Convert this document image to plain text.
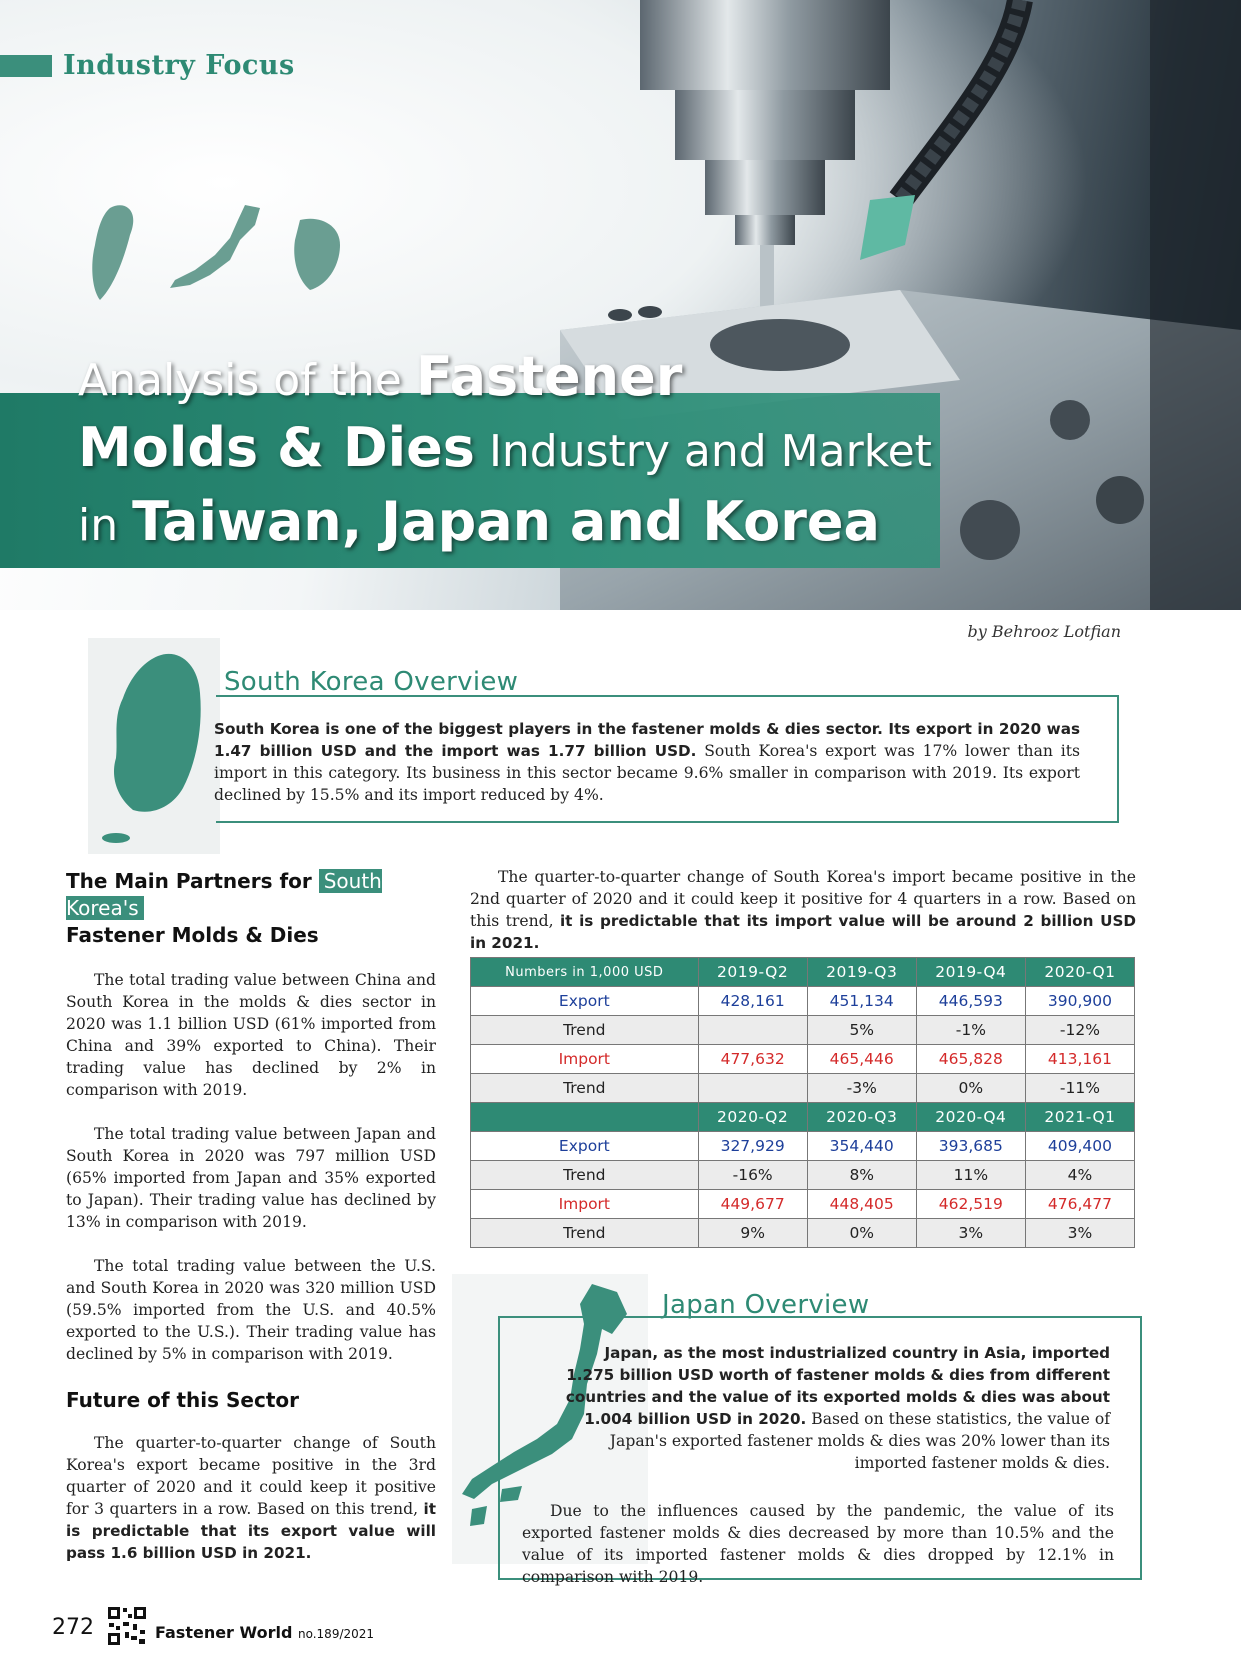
Industry Focus
Analysis of the Fastener
Molds & Dies Industry and Market
in Taiwan, Japan and Korea
by Behrooz Lotfian
South Korea Overview
South Korea is one of the biggest players in the fastener molds & dies sector. Its export in 2020 was 1.47 billion USD and the import was 1.77 billion USD. South Korea's export was 17% lower than its import in this category. Its business in this sector became 9.6% smaller in comparison with 2019. Its export declined by 15.5% and its import reduced by 4%.
The Main Partners for South Korea's
Fastener Molds & Dies

The total trading value between China and South Korea in the molds & dies sector in 2020 was 1.1 billion USD (61% imported from China and 39% exported to China). Their trading value has declined by 2% in comparison with 2019.

The total trading value between Japan and South Korea in 2020 was 797 million USD (65% imported from Japan and 35% exported to Japan). Their trading value has declined by 13% in comparison with 2019.

The total trading value between the U.S. and South Korea in 2020 was 320 million USD (59.5% imported from the U.S. and 40.5% exported to the U.S.). Their trading value has declined by 5% in comparison with 2019.

Future of this Sector

The quarter-to-quarter change of South Korea's export became positive in the 3rd quarter of 2020 and it could keep it positive for 3 quarters in a row. Based on this trend, it is predictable that its export value will pass 1.6 billion USD in 2021.

The quarter-to-quarter change of South Korea's import became positive in the 2nd quarter of 2020 and it could keep it positive for 4 quarters in a row. Based on this trend, it is predictable that its import value will be around 2 billion USD in 2021.

Numbers in 1,000 USD	2019-Q2	2019-Q3	2019-Q4	2020-Q1
Export	428,161	451,134	446,593	390,900
Trend		5%	-1%	-12%
Import	477,632	465,446	465,828	413,161
Trend		-3%	0%	-11%
	2020-Q2	2020-Q3	2020-Q4	2021-Q1
Export	327,929	354,440	393,685	409,400
Trend	-16%	8%	11%	4%
Import	449,677	448,405	462,519	476,477
Trend	9%	0%	3%	3%
Japan Overview
Japan, as the most industrialized country in Asia, imported 1.275 billion USD worth of fastener molds & dies from different countries and the value of its exported molds & dies was about 1.004 billion USD in 2020. Based on these statistics, the value of Japan's exported fastener molds & dies was 20% lower than its imported fastener molds & dies.

Due to the influences caused by the pandemic, the value of its exported fastener molds & dies decreased by more than 10.5% and the value of its imported fastener molds & dies dropped by 12.1% in comparison with 2019.

272	Fastener World no.189/2021
